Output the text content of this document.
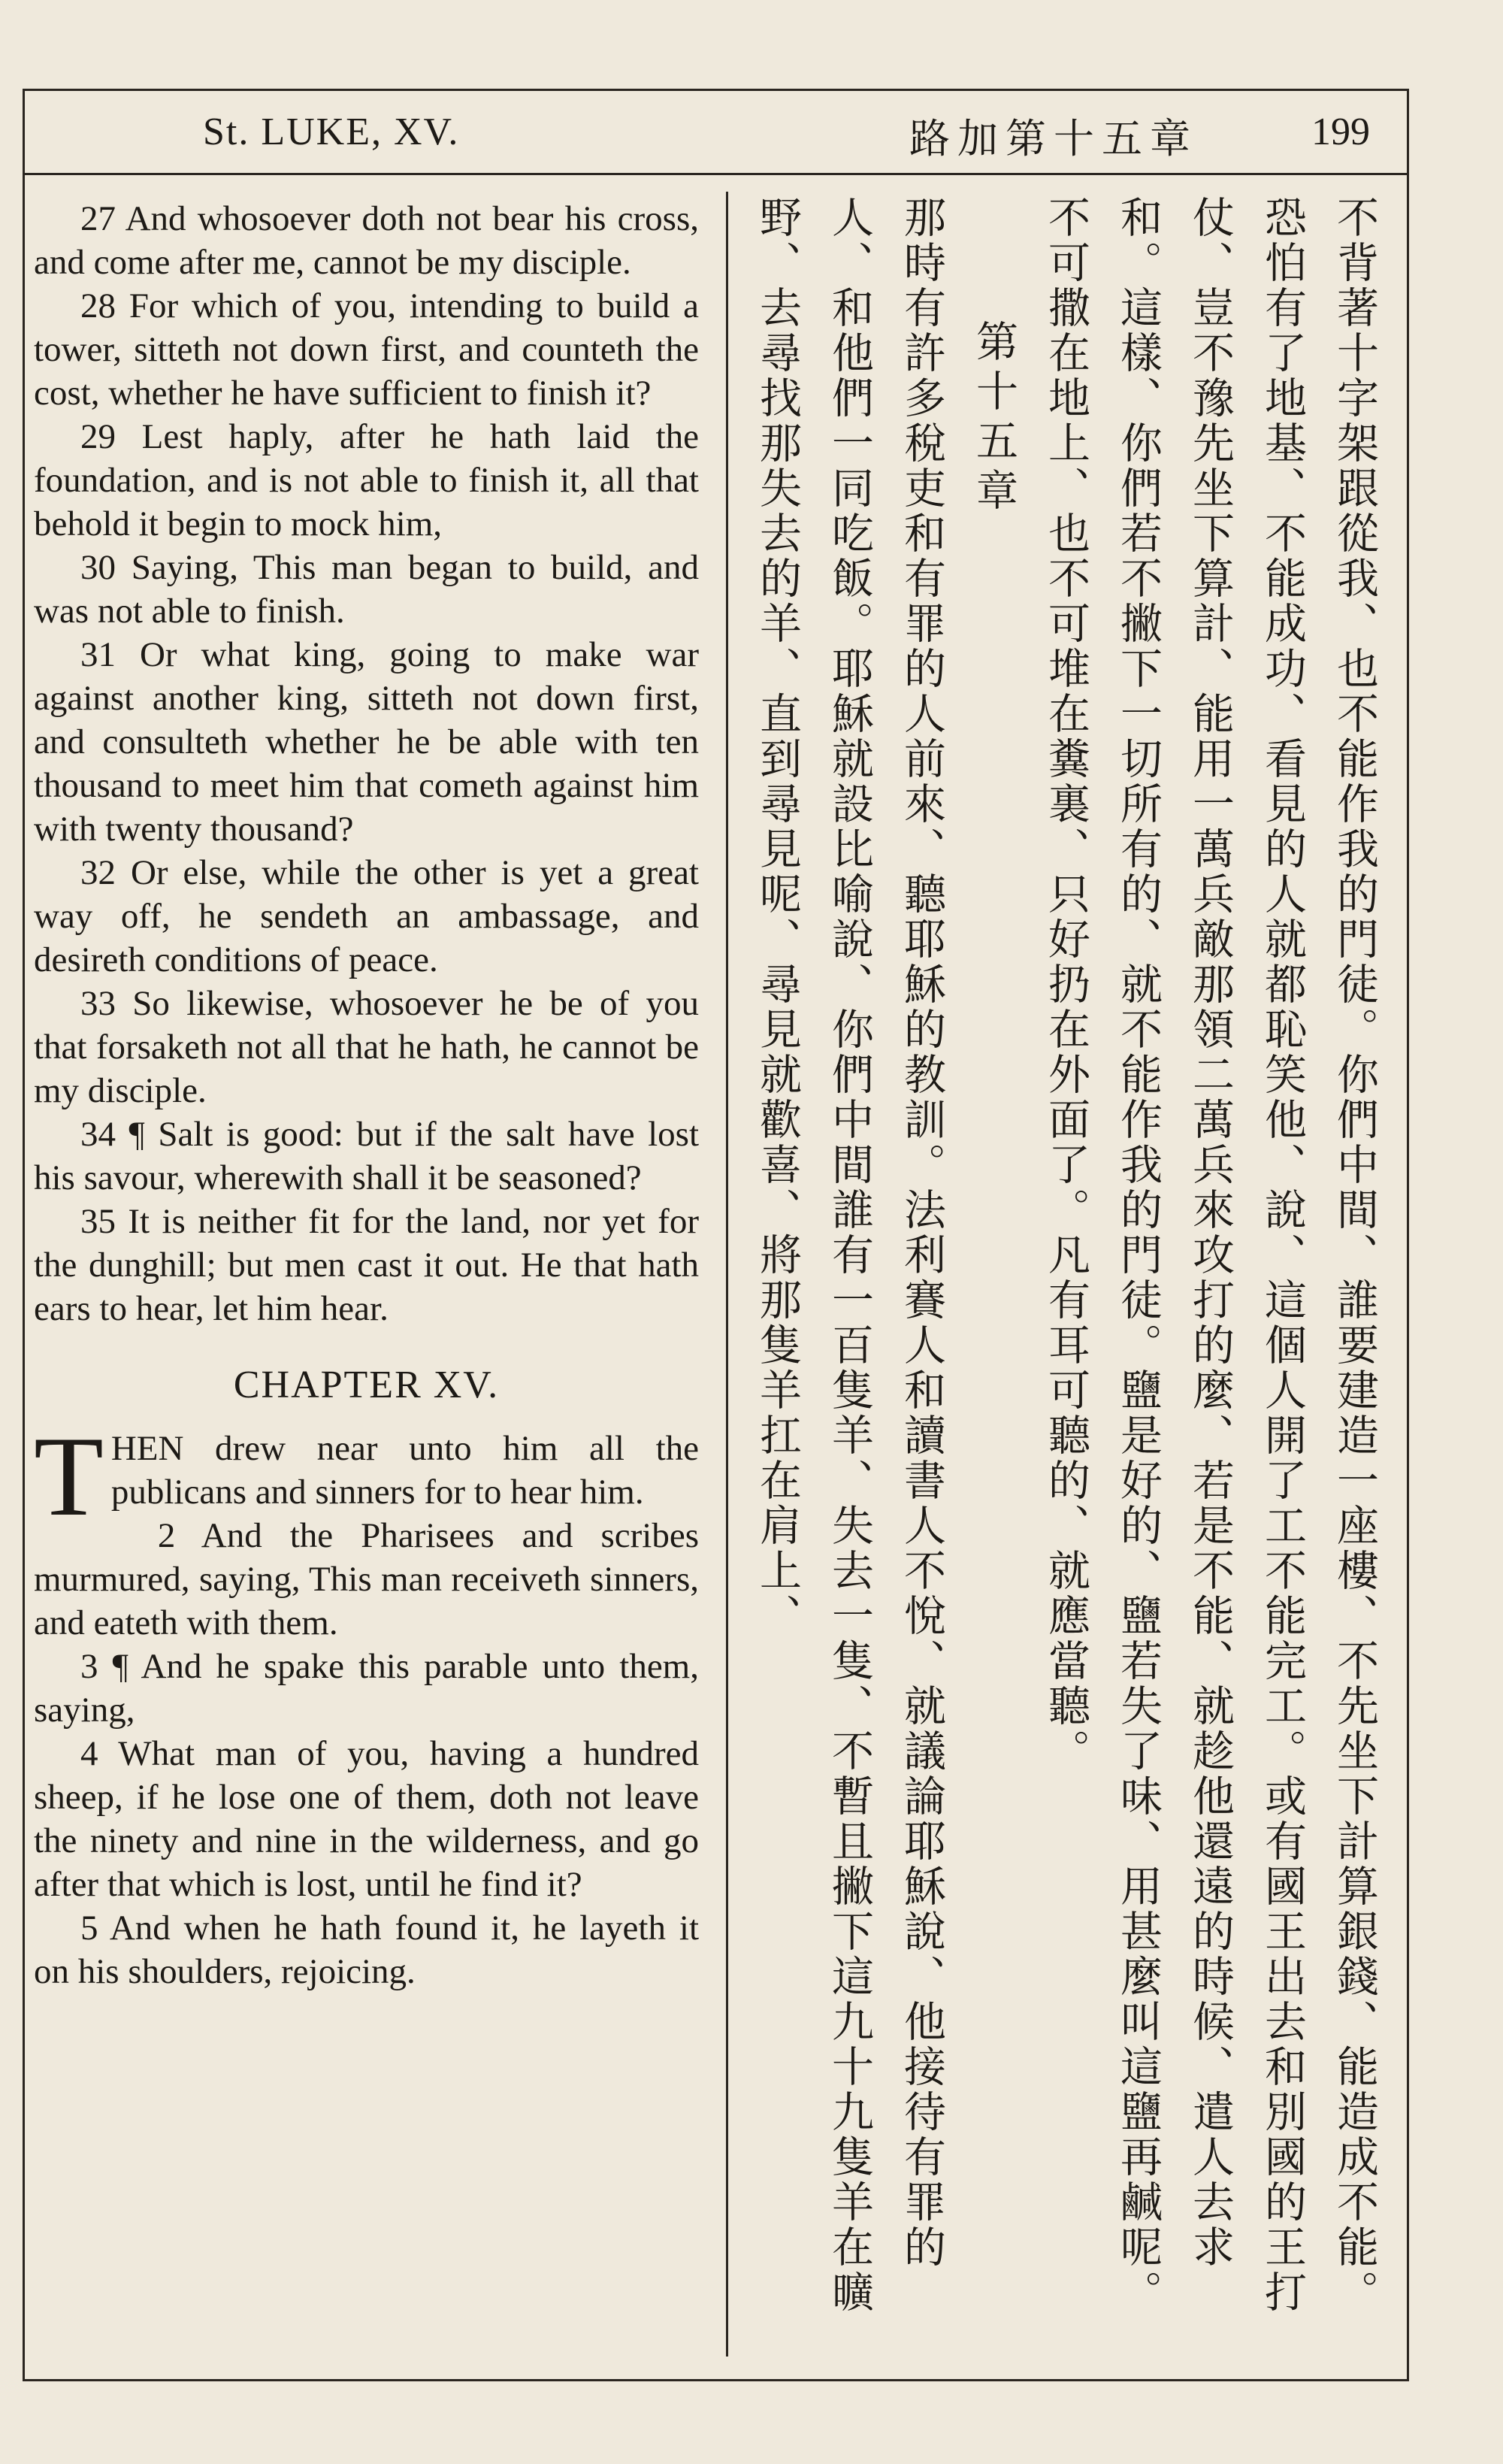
St. LUKE, XV.	路加第十五章	199

27 And whosoever doth not bear his cross, and come after me, cannot be my disciple.

28 For which of you, intending to build a tower, sitteth not down first, and counteth the cost, whether he have sufficient to finish it?

29 Lest haply, after he hath laid the foundation, and is not able to finish it, all that behold it begin to mock him,

30 Saying, This man began to build, and was not able to finish.

31 Or what king, going to make war against another king, sitteth not down first, and consulteth whether he be able with ten thousand to meet him that cometh against him with twenty thousand?

32 Or else, while the other is yet a great way off, he sendeth an ambassage, and desireth conditions of peace.

33 So likewise, whosoever he be of you that forsaketh not all that he hath, he cannot be my disciple.

34 ¶ Salt is good: but if the salt have lost his savour, wherewith shall it be seasoned?

35 It is neither fit for the land, nor yet for the dunghill; but men cast it out. He that hath ears to hear, let him hear.

CHAPTER XV.

THEN drew near unto him all the publicans and sinners for to hear him.

2 And the Pharisees and scribes murmured, saying, This man receiveth sinners, and eateth with them.

3 ¶ And he spake this parable unto them, saying,

4 What man of you, having a hundred sheep, if he lose one of them, doth not leave the ninety and nine in the wilderness, and go after that which is lost, until he find it?

5 And when he hath found it, he layeth it on his shoulders, rejoicing.	不背著十字架跟從我、也不能作我的門徒。你們中間、誰要建造一座樓、不先坐下計算銀錢、能造成不能。恐怕有了地基、不能成功、看見的人就都恥笑他、說、這個人開了工不能完工。或有國王出去和別國的王打仗、豈不豫先坐下算計、能用一萬兵敵那領二萬兵來攻打的麼、若是不能、就趁他還遠的時候、遣人去求和。這樣、你們若不撇下一切所有的、就不能作我的門徒。鹽是好的、鹽若失了味、用甚麼叫這鹽再鹹呢。不可撒在地上、也不可堆在糞裏、只好扔在外面了。凡有耳可聽的、就應當聽。

第十五章

那時有許多稅吏和有罪的人前來、聽耶穌的教訓。法利賽人和讀書人不悅、就議論耶穌說、他接待有罪的人、和他們一同吃飯。耶穌就設比喻說、你們中間誰有一百隻羊、失去一隻、不暫且撇下這九十九隻羊在曠野、去尋找那失去的羊、直到尋見呢、尋見就歡喜、將那隻羊扛在肩上、
